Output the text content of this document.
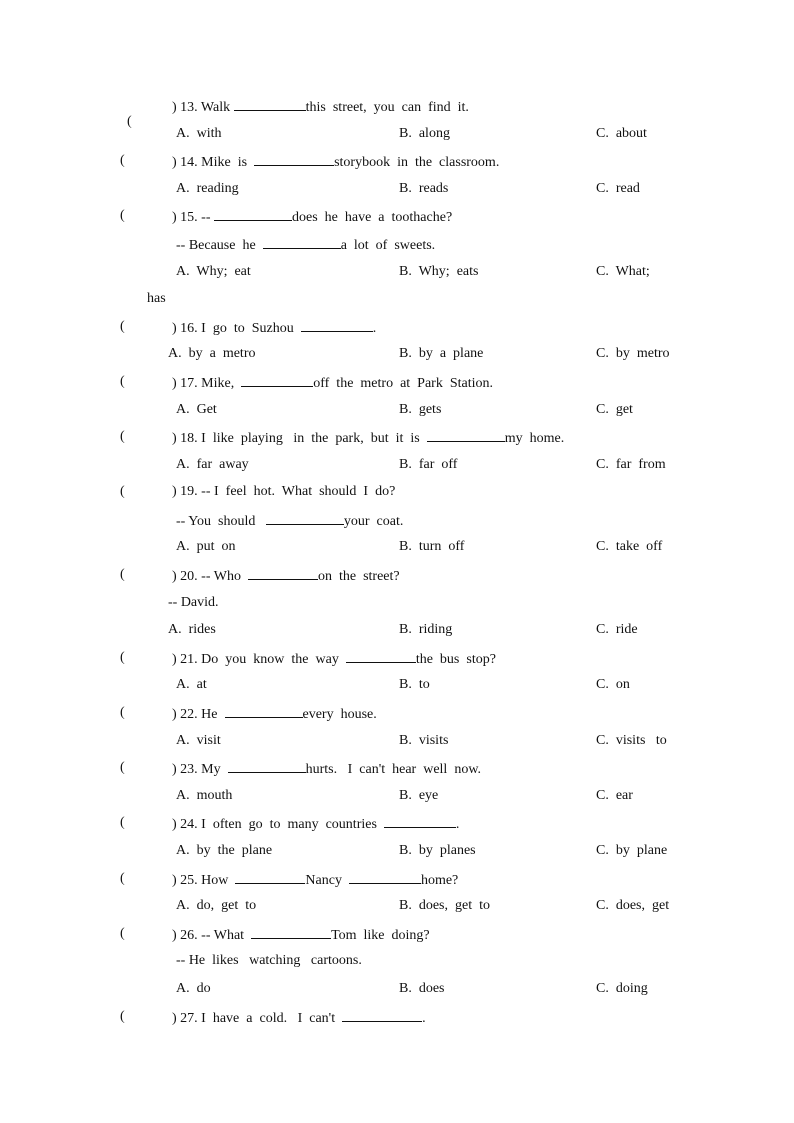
(

) 13. Walk	this  street,  you  can  find  it.
A.  with	B.  along	C.  about
(	) 14. Mike  is	storybook  in  the  classroom.
A.  reading	B.  reads	C.  read
(	) 15. --	does  he  have  a  toothache?
-- Because  he	a  lot  of  sweets.
A.  Why;  eat	B.  Why;  eats	C.  What;
has
(	) 16. I  go  to  Suzhou	.
A.  by  a  metro	B.  by  a  plane	C.  by  metro
(	) 17. Mike,	off  the  metro  at  Park  Station.
A.  Get	B.  gets	C.  get
(	) 18. I  like  playing   in  the  park,  but  it  is	my  home.
A.  far  away	B.  far  off	C.  far  from
(	) 19. -- I  feel  hot.  What  should  I  do?
-- You  should	your  coat.
A.  put  on	B.  turn  off	C.  take  off
(	) 20. -- Who	on  the  street?
-- David.
A.  rides	B.  riding	C.  ride
(	) 21. Do  you  know  the  way	the  bus  stop?
A.  at	B.  to	C.  on
(	) 22. He	every  house.
A.  visit	B.  visits	C.  visits   to
(	) 23. My	hurts.   I  can't  hear  well  now.
A.  mouth	B.  eye	C.  ear
(	) 24. I  often  go  to  many  countries	.
A.  by  the  plane	B.  by  planes	C.  by  plane
(	) 25. How	Nancy	home?
A.  do,  get  to	B.  does,  get  to	C.  does,  get
(	) 26. -- What	Tom  like  doing?
-- He  likes   watching   cartoons.
A.  do	B.  does	C.  doing
(	) 27. I  have  a  cold.   I  can't	.
